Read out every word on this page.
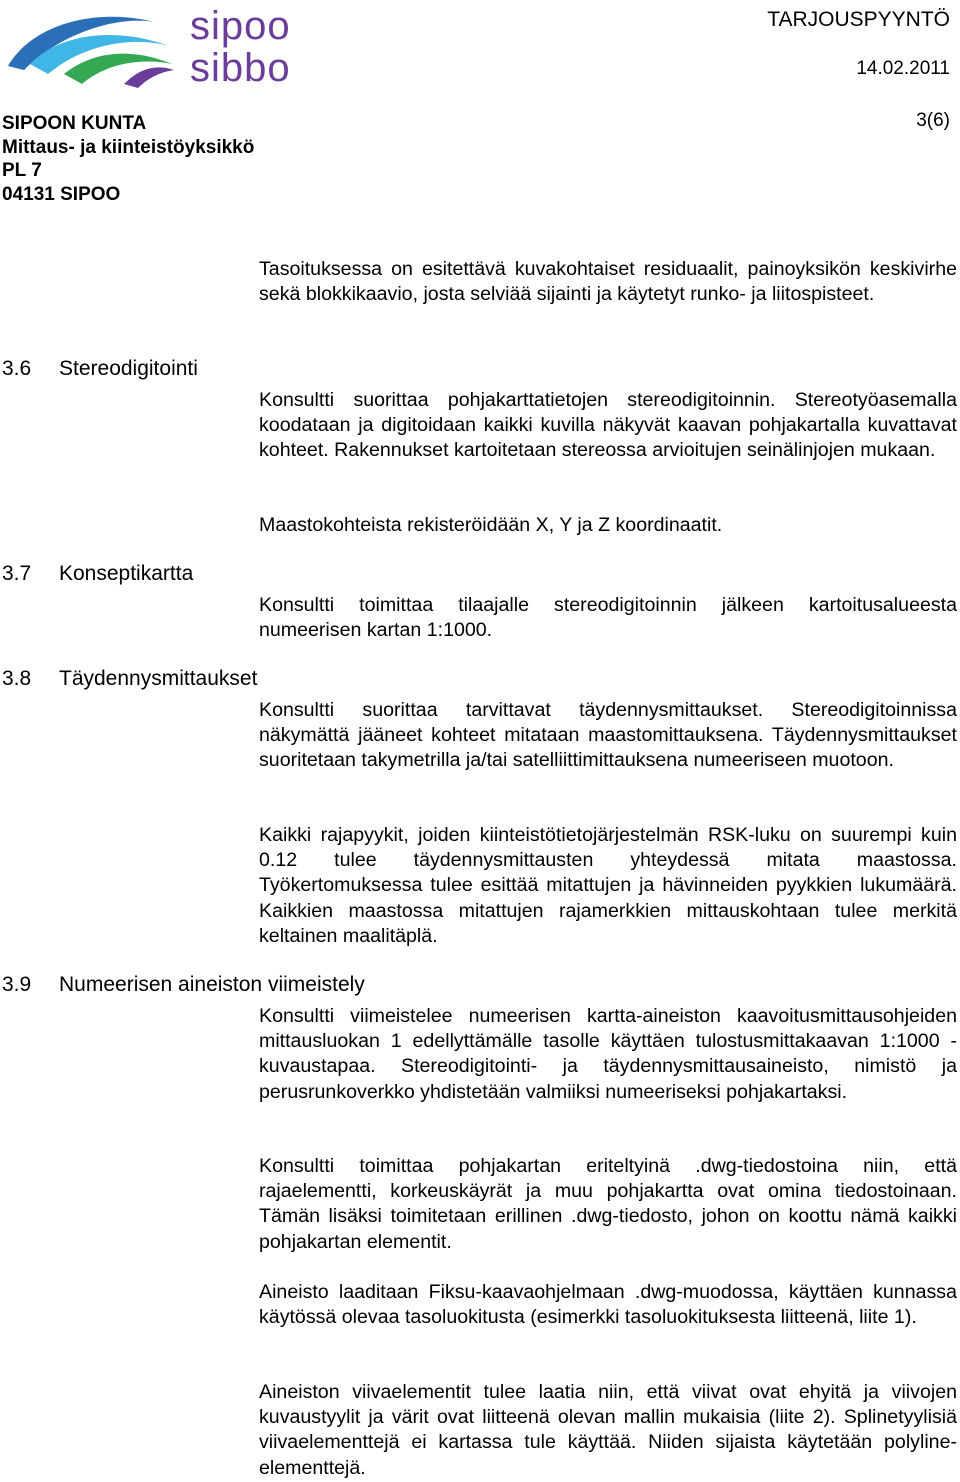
sipoo
sibbo
TARJOUSPYYNTÖ
14.02.2011
3(6)
SIPOON KUNTA
Mittaus- ja kiinteistöyksikkö
PL 7
04131 SIPOO
3.6 Stereodigitointi
3.7 Konseptikartta
3.8 Täydennysmittaukset
3.9 Numeerisen aineiston viimeistely
Tasoituksessa on esitettävä kuvakohtaiset residuaalit, painoyksikön keskivirhe sekä blokkikaavio, josta selviää sijainti ja käytetyt runko- ja liitospisteet.
Konsultti suorittaa pohjakarttatietojen stereodigitoinnin. Stereotyöasemalla koodataan ja digitoidaan kaikki kuvilla näkyvät kaavan pohjakartalla kuvattavat kohteet. Rakennukset kartoitetaan stereossa arvioitujen seinälinjojen mukaan.
Maastokohteista rekisteröidään X, Y ja Z koordinaatit.
Konsultti toimittaa tilaajalle stereodigitoinnin jälkeen kartoitusalueesta numeerisen kartan 1:1000.
Konsultti suorittaa tarvittavat täydennysmittaukset. Stereodigitoinnissa näkymättä jääneet kohteet mitataan maastomittauksena. Täydennysmittaukset suoritetaan takymetrilla ja/tai satelliittimittauksena numeeriseen muotoon.
Kaikki rajapyykit, joiden kiinteistötietojärjestelmän RSK-luku on suurempi kuin 0.12 tulee täydennysmittausten yhteydessä mitata maastossa. Työkertomuksessa tulee esittää mitattujen ja hävinneiden pyykkien lukumäärä. Kaikkien maastossa mitattujen rajamerkkien mittauskohtaan tulee merkitä keltainen maalitäplä.
Konsultti viimeistelee numeerisen kartta-aineiston kaavoitusmittausohjeiden mittausluokan 1 edellyttämälle tasolle käyttäen tulostusmittakaavan 1:1000 -kuvaustapaa. Stereodigitointi- ja täydennysmittausaineisto, nimistö ja perusrunkoverkko yhdistetään valmiiksi numeeriseksi pohjakartaksi.
Konsultti toimittaa pohjakartan eriteltyinä .dwg-tiedostoina niin, että rajaelementti, korkeuskäyrät ja muu pohjakartta ovat omina tiedostoinaan. Tämän lisäksi toimitetaan erillinen .dwg-tiedosto, johon on koottu nämä kaikki pohjakartan elementit.
Aineisto laaditaan Fiksu-kaavaohjelmaan .dwg-muodossa, käyttäen kunnassa käytössä olevaa tasoluokitusta (esimerkki tasoluokituksesta liitteenä, liite 1).
Aineiston viivaelementit tulee laatia niin, että viivat ovat ehyitä ja viivojen kuvaustyylit ja värit ovat liitteenä olevan mallin mukaisia (liite 2). Splinetyylisiä viivaelementtejä ei kartassa tule käyttää. Niiden sijaista käytetään polyline-elementtejä.
